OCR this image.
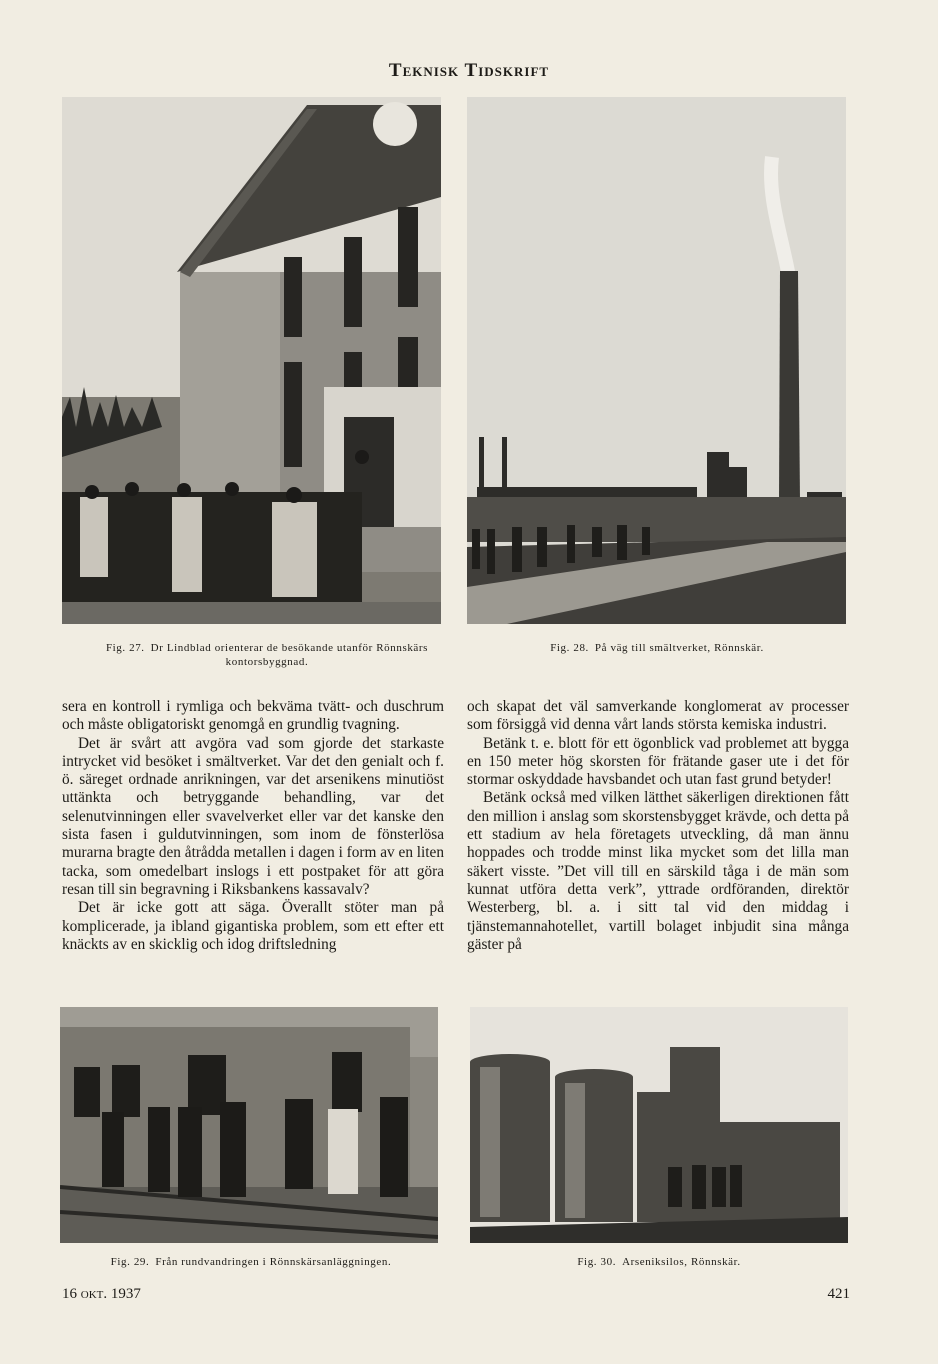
Teknisk Tidskrift
Fig. 27. Dr Lindblad orienterar de besökande utanför Rönnskärs kontorsbyggnad.
Fig. 28. På väg till smältverket, Rönnskär.

sera en kontroll i rymliga och bekväma tvätt- och duschrum och måste obligatoriskt genomgå en grundlig tvagning.

Det är svårt att avgöra vad som gjorde det starkaste intrycket vid besöket i smältverket. Var det den genialt och f. ö. säreget ordnade anrikningen, var det arsenikens minutiöst uttänkta och betryggande behandling, var det selenutvinningen eller svavelverket eller var det kanske den sista fasen i guldutvinningen, som inom de fönsterlösa murarna bragte den åtrådda metallen i dagen i form av en liten tacka, som omedelbart inslogs i ett postpaket för att göra resan till sin begravning i Riksbankens kassavalv?

Det är icke gott att säga. Överallt stöter man på komplicerade, ja ibland gigantiska problem, som ett efter ett knäckts av en skicklig och idog driftsledning

och skapat det väl samverkande konglomerat av processer som försiggå vid denna vårt lands största kemiska industri.

Betänk t. e. blott för ett ögonblick vad problemet att bygga en 150 meter hög skorsten för frätande gaser ute i det för stormar oskyddade havsbandet och utan fast grund betyder!

Betänk också med vilken lätthet säkerligen direktionen fått den million i anslag som skorstensbygget krävde, och detta på ett stadium av hela företagets utveckling, då man ännu hoppades och trodde minst lika mycket som det lilla man säkert visste. ”Det vill till en särskild tåga i de män som kunnat utföra detta verk”, yttrade ordföranden, direktör Westerberg, bl. a. i sitt tal vid den middag i tjänstemannahotellet, vartill bolaget inbjudit sina många gäster på

Fig. 29. Från rundvandringen i Rönnskärsanläggningen.	Fig. 30. Arseniksilos, Rönnskär.
16 okt. 1937	421
